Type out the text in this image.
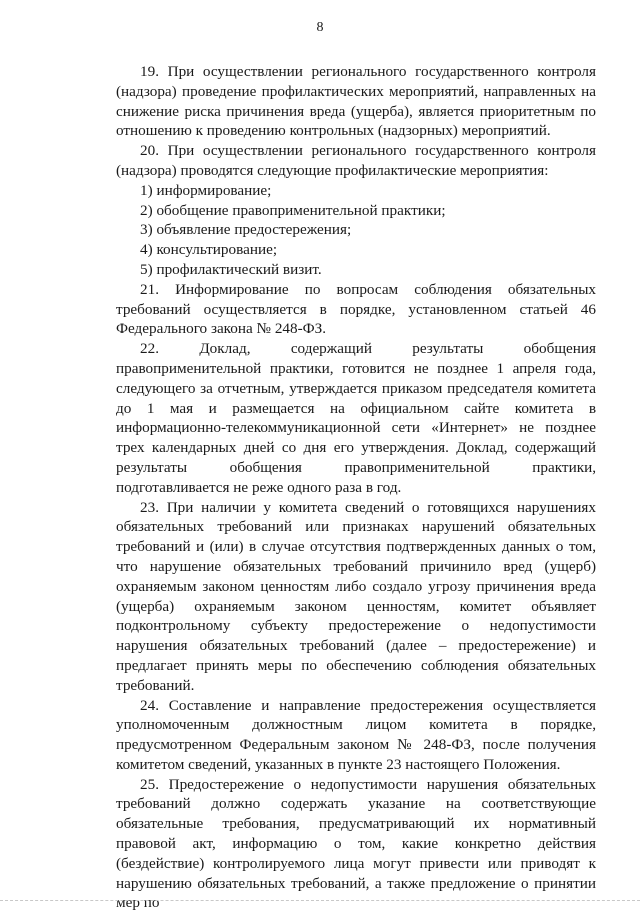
8

19. При осуществлении регионального государственного контроля (надзора) проведение профилактических мероприятий, направленных на снижение риска причинения вреда (ущерба), является приоритетным по отношению к проведению контрольных (надзорных) мероприятий.

20. При осуществлении регионального государственного контроля (надзора) проводятся следующие профилактические мероприятия:

1) информирование;

2) обобщение правоприменительной практики;

3) объявление предостережения;

4) консультирование;

5) профилактический визит.

21. Информирование по вопросам соблюдения обязательных требований осуществляется в порядке, установленном статьей 46 Федерального закона № 248-ФЗ.

22. Доклад, содержащий результаты обобщения правоприменительной практики, готовится не позднее 1 апреля года, следующего за отчетным, утверждается приказом председателя комитета до 1 мая и размещается на официальном сайте комитета в информационно-телекоммуникационной сети «Интернет» не позднее трех календарных дней со дня его утверждения. Доклад, содержащий результаты обобщения правоприменительной практики, подготавливается не реже одного раза в год.

23. При наличии у комитета сведений о готовящихся нарушениях обязательных требований или признаках нарушений обязательных требований и (или) в случае отсутствия подтвержденных данных о том, что нарушение обязательных требований причинило вред (ущерб) охраняемым законом ценностям либо создало угрозу причинения вреда (ущерба) охраняемым законом ценностям, комитет объявляет подконтрольному субъекту предостережение о недопустимости нарушения обязательных требований (далее – предостережение) и предлагает принять меры по обеспечению соблюдения обязательных требований.

24. Составление и направление предостережения осуществляется уполномоченным должностным лицом комитета в порядке, предусмотренном Федеральным законом № 248-ФЗ, после получения комитетом сведений, указанных в пункте 23 настоящего Положения.

25. Предостережение о недопустимости нарушения обязательных требований должно содержать указание на соответствующие обязательные требования, предусматривающий их нормативный правовой акт, информацию о том, какие конкретно действия (бездействие) контролируемого лица могут привести или приводят к нарушению обязательных требований, а также предложение о принятии мер по
